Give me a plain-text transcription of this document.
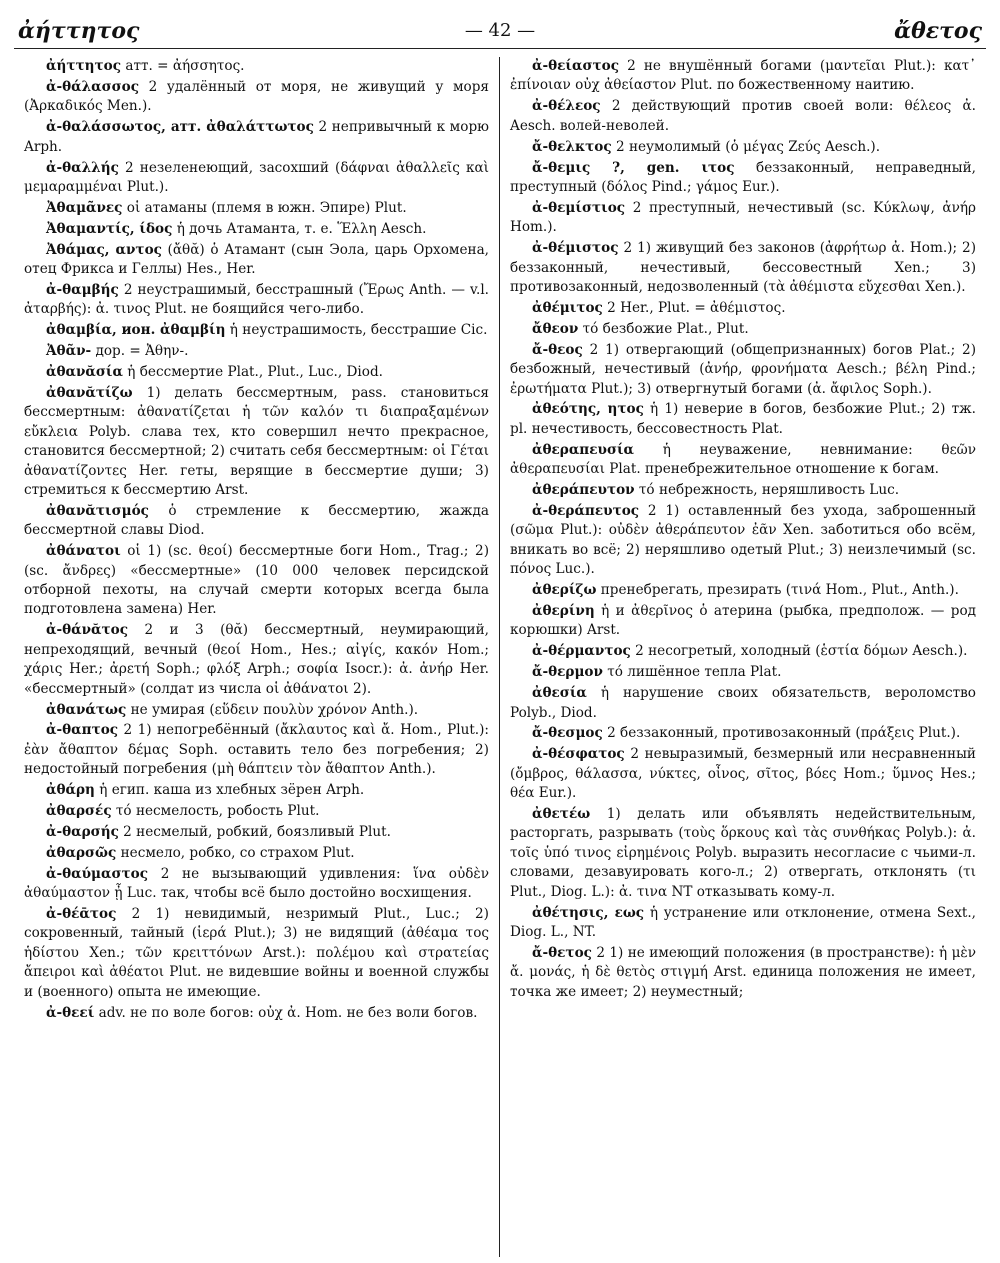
ἀήττητος	— 42 —	ἄθετος

ἀήττητος атт. = ἀήσσητος.

ἀ-θάλασσος 2 удалённый от моря, не живущий у моря (Ἀρκαδικός Men.).

ἀ-θαλάσσωτος, атт. ἀθαλάττωτος 2 непривычный к морю Arph.

ἀ-θαλλής 2 незеленеющий, засохший (δάφναι ἀθαλλεῖς καὶ μεμαραμμέναι Plut.).

Ἀθαμᾶνες οἱ атаманы (племя в южн. Эпире) Plut.

Ἀθαμαντίς, ίδος ἡ дочь Атаманта, т. е. Ἕλλη Aesch.

Ἀθάμας, αντος (ἄθᾰ) ὁ Атамант (сын Эола, царь Орхомена, отец Фрикса и Геллы) Hes., Her.

ἀ-θαμβής 2 неустрашимый, бесстрашный (Ἔρως Anth. — v.l. ἀταρβής): ἀ. τινος Plut. не боящийся чего-либо.

ἀθαμβία, ион. ἀθαμβίη ἡ неустрашимость, бесстрашие Cic.

Ἀθᾶν- дор. = Ἀθην-.

ἀθανᾰσία ἡ бессмертие Plat., Plut., Luc., Diod.

ἀθανᾰτίζω 1) делать бессмертным, pass. становиться бессмертным: ἀθανατίζεται ἡ τῶν καλόν τι διαπραξαμένων εὔκλεια Polyb. слава тех, кто совершил нечто прекрасное, становится бессмертной; 2) считать себя бессмертным: οἱ Γέται ἀθανατίζοντες Her. геты, верящие в бессмертие души; 3) стремиться к бессмертию Arst.

ἀθανᾰτισμός ὁ стремление к бессмертию, жажда бессмертной славы Diod.

ἀθάνατοι οἱ 1) (sc. θεοί) бессмертные боги Hom., Trag.; 2) (sc. ἄνδρες) «бессмертные» (10 000 человек персидской отборной пехоты, на случай смерти которых всегда была подготовлена замена) Her.

ἀ-θάνᾰτος 2 и 3 (θᾰ) бессмертный, неумирающий, непреходящий, вечный (θεοί Hom., Hes.; αἰγίς, κακόν Hom.; χάρις Her.; ἀρετή Soph.; φλόξ Arph.; σοφία Isocr.): ἀ. ἀνήρ Her. «бессмертный» (солдат из числа οἱ ἀθάνατοι 2).

ἀθανάτως не умирая (εὕδειν πουλὺν χρόνον Anth.).

ἀ-θαπτος 2 1) непогребённый (ἄκλαυτος καὶ ἄ. Hom., Plut.): ἐὰν ἄθαπτον δέμας Soph. оставить тело без погребения; 2) недостойный погребения (μὴ θάπτειν τὸν ἄθαπτον Anth.).

ἀθάρη ἡ егип. каша из хлебных зёрен Arph.

ἀθαρσές τό несмелость, робость Plut.

ἀ-θαρσής 2 несмелый, робкий, боязливый Plut.

ἀθαρσῶς несмело, робко, со страхом Plut.

ἀ-θαύμαστος 2 не вызывающий удивления: ἵνα οὐδὲν ἀθαύμαστον ᾖ Luc. так, чтобы всё было достойно восхищения.

ἀ-θέᾱτος 2 1) невидимый, незримый Plut., Luc.; 2) сокровенный, тайный (ἱερά Plut.); 3) не видящий (ἀθέαμα τος ἡδίστου Xen.; τῶν κρειττόνων Arst.): πολέμου καὶ στρατείας ἄπειροι καὶ ἀθέατοι Plut. не видевшие войны и военной службы и (военного) опыта не имеющие.

ἀ-θεεί adv. не по воле богов: οὐχ ἀ. Hom. не без воли богов.

ἀ-θείαστος 2 не внушённый богами (μαντεῖαι Plut.): κατ᾽ ἐπίνοιαν οὐχ ἀθείαστον Plut. по божественному наитию.

ἀ-θέλεος 2 действующий против своей воли: θέλεος ἀ. Aesch. волей-неволей.

ἄ-θελκτος 2 неумолимый (ὁ μέγας Ζεύς Aesch.).

ἄ-θεμις ?, gen. ιτος беззаконный, неправедный, преступный (δόλος Pind.; γάμος Eur.).

ἀ-θεμίστιος 2 преступный, нечестивый (sc. Κύκλωψ, ἀνήρ Hom.).

ἀ-θέμιστος 2 1) живущий без законов (ἀφρήτωρ ἀ. Hom.); 2) беззаконный, нечестивый, бессовестный Xen.; 3) противозаконный, недозволенный (τὰ ἀθέμιστα εὔχεσθαι Xen.).

ἀθέμιτος 2 Her., Plut. = ἀθέμιστος.

ἄθεον τό безбожие Plat., Plut.

ἄ-θεος 2 1) отвергающий (общепризнанных) богов Plat.; 2) безбожный, нечестивый (ἀνήρ, φρονήματα Aesch.; βέλη Pind.; ἐρωτήματα Plut.); 3) отвергнутый богами (ἀ. ἄφιλος Soph.).

ἀθεότης, ητος ἡ 1) неверие в богов, безбожие Plut.; 2) тж. pl. нечестивость, бессовестность Plat.

ἀθεραπευσία ἡ неуважение, невнимание: θεῶν ἀθεραπευσίαι Plat. пренебрежительное отношение к богам.

ἀθεράπευτον τό небрежность, неряшливость Luc.

ἀ-θεράπευτος 2 1) оставленный без ухода, заброшенный (σῶμα Plut.): οὐδὲν ἀθεράπευτον ἐᾶν Xen. заботиться обо всём, вникать во всё; 2) неряшливо одетый Plut.; 3) неизлечимый (sc. πόνος Luc.).

ἀθερίζω пренебрегать, презирать (τινά Hom., Plut., Anth.).

ἀθερίνη ἡ и ἀθερῖνος ὁ атерина (рыбка, предполож. — род корюшки) Arst.

ἀ-θέρμαντος 2 несогретый, холодный (ἑστία δόμων Aesch.).

ἄ-θερμον τό лишённое тепла Plat.

ἀθεσία ἡ нарушение своих обязательств, вероломство Polyb., Diod.

ἄ-θεσμος 2 беззаконный, противозаконный (πράξεις Plut.).

ἀ-θέσφατος 2 невыразимый, безмерный или несравненный (ὄμβρος, θάλασσα, νύκτες, οἶνος, σῖτος, βόες Hom.; ὕμνος Hes.; θέα Eur.).

ἀθετέω 1) делать или объявлять недействительным, расторгать, разрывать (τοὺς ὅρκους καὶ τὰς συνθήκας Polyb.): ἀ. τοῖς ὑπό τινος εἰρημένοις Polyb. выразить несогласие с чьими-л. словами, дезавуировать кого-л.; 2) отвергать, отклонять (τι Plut., Diog. L.): ἀ. τινα NT отказывать кому-л.

ἀθέτησις, εως ἡ устранение или отклонение, отмена Sext., Diog. L., NT.

ἄ-θετος 2 1) не имеющий положения (в пространстве): ἡ μὲν ἄ. μονάς, ἡ δὲ θετὸς στιγμή Arst. единица положения не имеет, точка же имеет; 2) неуместный;
